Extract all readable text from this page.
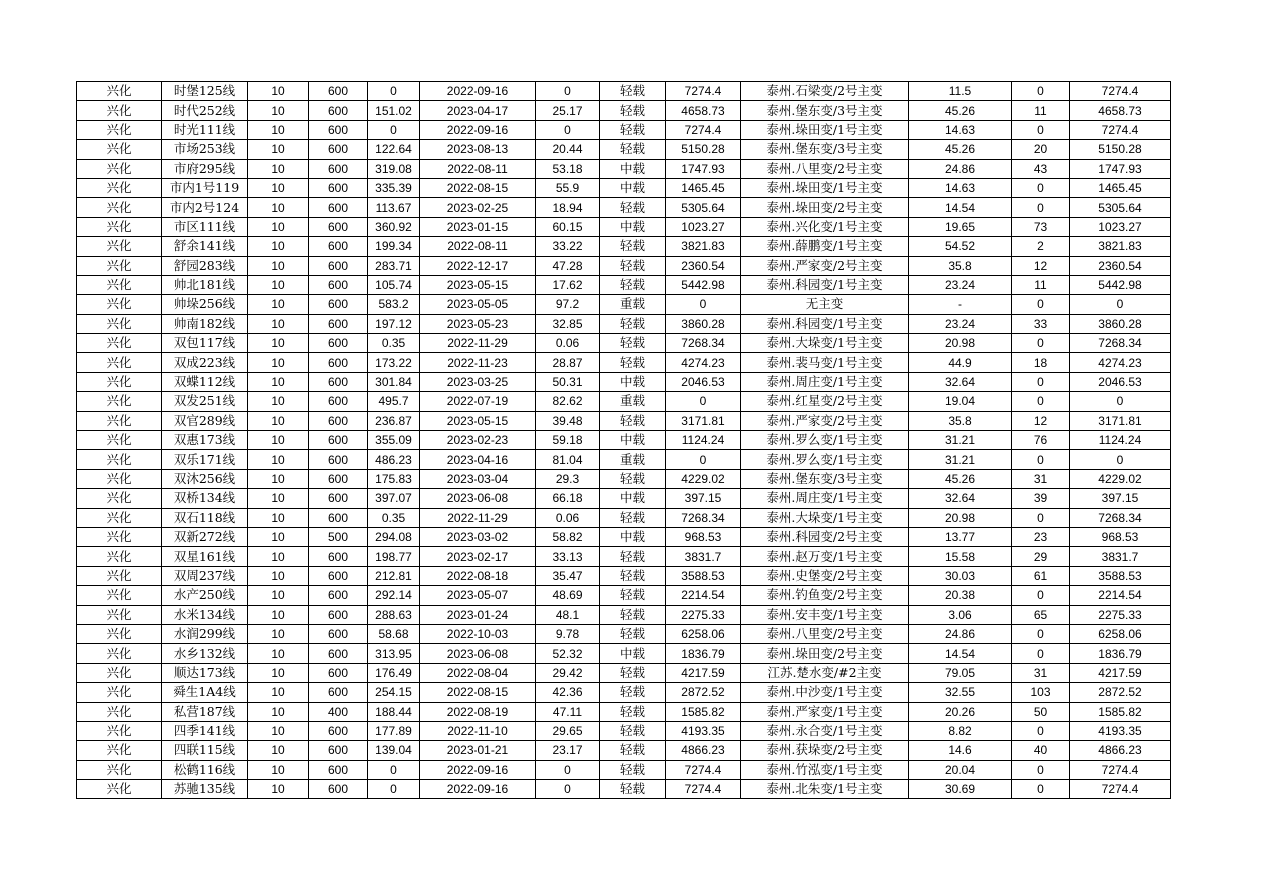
兴化	时堡125线	10	600	0	2022-09-16	0	轻载	7274.4	泰州.石梁变/2号主变	11.5	0	7274.4
兴化	时代252线	10	600	151.02	2023-04-17	25.17	轻载	4658.73	泰州.堡东变/3号主变	45.26	11	4658.73
兴化	时光111线	10	600	0	2022-09-16	0	轻载	7274.4	泰州.垛田变/1号主变	14.63	0	7274.4
兴化	市场253线	10	600	122.64	2023-08-13	20.44	轻载	5150.28	泰州.堡东变/3号主变	45.26	20	5150.28
兴化	市府295线	10	600	319.08	2022-08-11	53.18	中载	1747.93	泰州.八里变/2号主变	24.86	43	1747.93
兴化	市内1号119	10	600	335.39	2022-08-15	55.9	中载	1465.45	泰州.垛田变/1号主变	14.63	0	1465.45
兴化	市内2号124	10	600	113.67	2023-02-25	18.94	轻载	5305.64	泰州.垛田变/2号主变	14.54	0	5305.64
兴化	市区111线	10	600	360.92	2023-01-15	60.15	中载	1023.27	泰州.兴化变/1号主变	19.65	73	1023.27
兴化	舒余141线	10	600	199.34	2022-08-11	33.22	轻载	3821.83	泰州.薛鹏变/1号主变	54.52	2	3821.83
兴化	舒园283线	10	600	283.71	2022-12-17	47.28	轻载	2360.54	泰州.严家变/2号主变	35.8	12	2360.54
兴化	帅北181线	10	600	105.74	2023-05-15	17.62	轻载	5442.98	泰州.科园变/1号主变	23.24	11	5442.98
兴化	帅垛256线	10	600	583.2	2023-05-05	97.2	重载	0	无主变	-	0	0
兴化	帅南182线	10	600	197.12	2023-05-23	32.85	轻载	3860.28	泰州.科园变/1号主变	23.24	33	3860.28
兴化	双包117线	10	600	0.35	2022-11-29	0.06	轻载	7268.34	泰州.大垛变/1号主变	20.98	0	7268.34
兴化	双成223线	10	600	173.22	2022-11-23	28.87	轻载	4274.23	泰州.裴马变/1号主变	44.9	18	4274.23
兴化	双蝶112线	10	600	301.84	2023-03-25	50.31	中载	2046.53	泰州.周庄变/1号主变	32.64	0	2046.53
兴化	双发251线	10	600	495.7	2022-07-19	82.62	重载	0	泰州.红星变/2号主变	19.04	0	0
兴化	双官289线	10	600	236.87	2023-05-15	39.48	轻载	3171.81	泰州.严家变/2号主变	35.8	12	3171.81
兴化	双惠173线	10	600	355.09	2023-02-23	59.18	中载	1124.24	泰州.罗么变/1号主变	31.21	76	1124.24
兴化	双乐171线	10	600	486.23	2023-04-16	81.04	重载	0	泰州.罗么变/1号主变	31.21	0	0
兴化	双沐256线	10	600	175.83	2023-03-04	29.3	轻载	4229.02	泰州.堡东变/3号主变	45.26	31	4229.02
兴化	双桥134线	10	600	397.07	2023-06-08	66.18	中载	397.15	泰州.周庄变/1号主变	32.64	39	397.15
兴化	双石118线	10	600	0.35	2022-11-29	0.06	轻载	7268.34	泰州.大垛变/1号主变	20.98	0	7268.34
兴化	双新272线	10	500	294.08	2023-03-02	58.82	中载	968.53	泰州.科园变/2号主变	13.77	23	968.53
兴化	双星161线	10	600	198.77	2023-02-17	33.13	轻载	3831.7	泰州.赵万变/1号主变	15.58	29	3831.7
兴化	双周237线	10	600	212.81	2022-08-18	35.47	轻载	3588.53	泰州.史堡变/2号主变	30.03	61	3588.53
兴化	水产250线	10	600	292.14	2023-05-07	48.69	轻载	2214.54	泰州.钓鱼变/2号主变	20.38	0	2214.54
兴化	水米134线	10	600	288.63	2023-01-24	48.1	轻载	2275.33	泰州.安丰变/1号主变	3.06	65	2275.33
兴化	水润299线	10	600	58.68	2022-10-03	9.78	轻载	6258.06	泰州.八里变/2号主变	24.86	0	6258.06
兴化	水乡132线	10	600	313.95	2023-06-08	52.32	中载	1836.79	泰州.垛田变/2号主变	14.54	0	1836.79
兴化	顺达173线	10	600	176.49	2022-08-04	29.42	轻载	4217.59	江苏.楚水变/#2主变	79.05	31	4217.59
兴化	舜生1A4线	10	600	254.15	2022-08-15	42.36	轻载	2872.52	泰州.中沙变/1号主变	32.55	103	2872.52
兴化	私营187线	10	400	188.44	2022-08-19	47.11	轻载	1585.82	泰州.严家变/1号主变	20.26	50	1585.82
兴化	四季141线	10	600	177.89	2022-11-10	29.65	轻载	4193.35	泰州.永合变/1号主变	8.82	0	4193.35
兴化	四联115线	10	600	139.04	2023-01-21	23.17	轻载	4866.23	泰州.获垛变/2号主变	14.6	40	4866.23
兴化	松鹤116线	10	600	0	2022-09-16	0	轻载	7274.4	泰州.竹泓变/1号主变	20.04	0	7274.4
兴化	苏驰135线	10	600	0	2022-09-16	0	轻载	7274.4	泰州.北朱变/1号主变	30.69	0	7274.4
